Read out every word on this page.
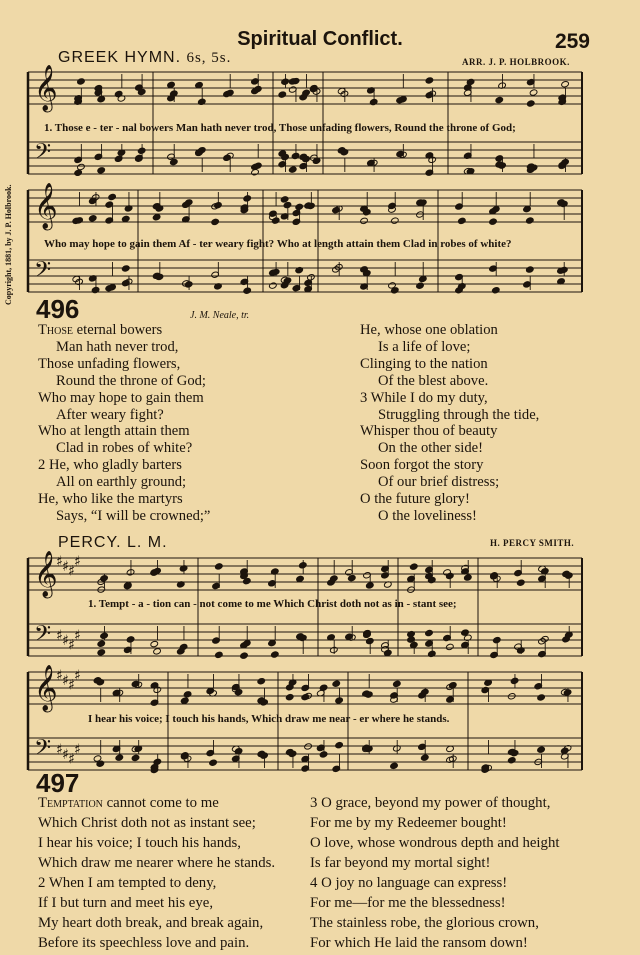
Spiritual Conflict.	259
GREEK HYMN. 6s, 5s.	ARR. J. P. HOLBROOK.
Copyright, 1881, by J. P. Holbrook.
𝄞
𝄢
𝄞
𝄢
1. Those e - ter - nal bowers Man hath never trod, Those unfading flowers, Round the throne of God;
Who may hope to gain them Af - ter weary fight? Who at length attain them Clad in robes of white?
496	J. M. Neale, tr.
Those eternal bowers
Man hath never trod,
Those unfading flowers,
Round the throne of God;
Who may hope to gain them
After weary fight?
Who at length attain them
Clad in robes of white?
2 He, who gladly barters
All on earthly ground;
He, who like the martyrs
Says, “I will be crowned;”
He, whose one oblation
Is a life of love;
Clinging to the nation
Of the blest above.
3 While I do my duty,
Struggling through the tide,
Whisper thou of beauty
On the other side!
Soon forgot the story
Of our brief distress;
O the future glory!
O the loveliness!
PERCY. L. M.	H. PERCY SMITH.
𝄞
𝄢
♯
♯
♯
♯
♯
♯
♯
♯
𝄞
𝄢
♯
♯
♯
♯
♯
♯
♯
♯
1. Tempt - a - tion can - not come to me Which Christ doth not as in - stant see;
I hear his voice; I touch his hands, Which draw me near - er where he stands.
497
Temptation cannot come to me
Which Christ doth not as instant see;
I hear his voice; I touch his hands,
Which draw me nearer where he stands.
2 When I am tempted to deny,
If I but turn and meet his eye,
My heart doth break, and break again,
Before its speechless love and pain.
3 O grace, beyond my power of thought,
For me by my Redeemer bought!
O love, whose wondrous depth and height
Is far beyond my mortal sight!
4 O joy no language can express!
For me—for me the blessedness!
The stainless robe, the glorious crown,
For which He laid the ransom down!
